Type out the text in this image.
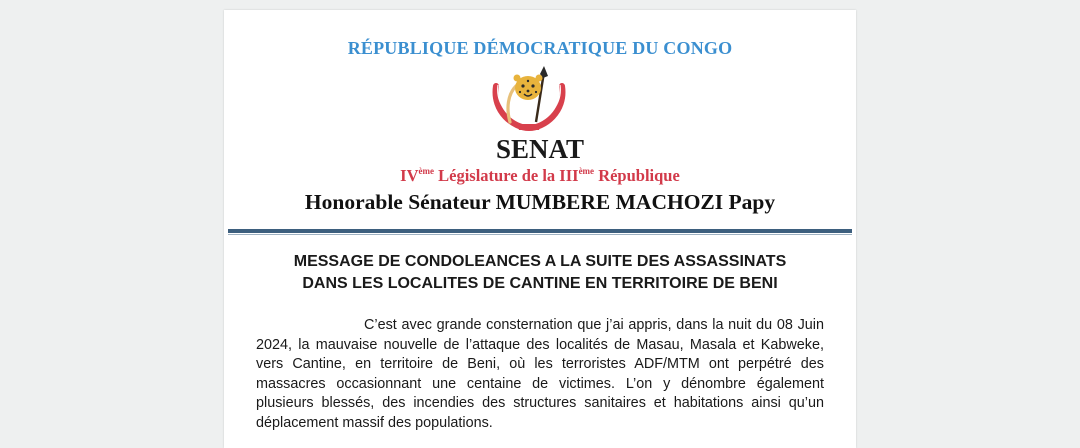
RÉPUBLIQUE DÉMOCRATIQUE DU CONGO
SENAT
IVème Législature de la IIIème République
Honorable Sénateur MUMBERE MACHOZI Papy
MESSAGE DE CONDOLEANCES A LA SUITE DES ASSASSINATS
DANS LES LOCALITES DE CANTINE EN TERRITOIRE DE BENI
C’est avec grande consternation que j’ai appris, dans la nuit du 08 Juin
2024, la mauvaise nouvelle de l’attaque des localités de Masau, Masala et Kabweke,
vers Cantine, en territoire de Beni, où les terroristes ADF/MTM ont perpétré des
massacres occasionnant une centaine de victimes. L’on y dénombre également
plusieurs blessés, des incendies des structures sanitaires et habitations ainsi qu’un
déplacement massif des populations.
